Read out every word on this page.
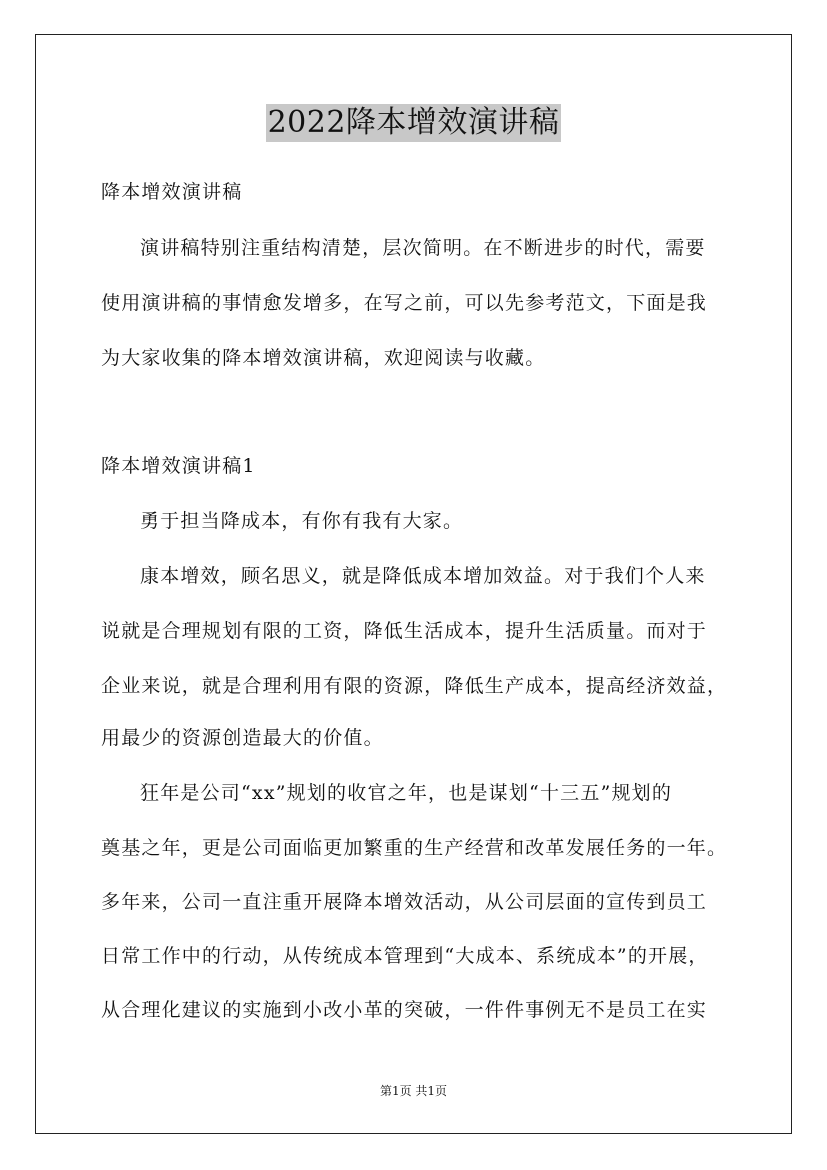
2022降本增效演讲稿
降本增效演讲稿
演讲稿特别注重结构清楚，层次简明。在不断进步的时代，需要
使用演讲稿的事情愈发增多，在写之前，可以先参考范文，下面是我
为大家收集的降本增效演讲稿，欢迎阅读与收藏。
降本增效演讲稿1
勇于担当降成本，有你有我有大家。
康本增效，顾名思义，就是降低成本增加效益。对于我们个人来
说就是合理规划有限的工资，降低生活成本，提升生活质量。而对于
企业来说，就是合理利用有限的资源，降低生产成本，提高经济效益，
用最少的资源创造最大的价值。
狂年是公司“xx”规划的收官之年，也是谋划“十三五”规划的
奠基之年，更是公司面临更加繁重的生产经营和改革发展任务的一年。
多年来，公司一直注重开展降本增效活动，从公司层面的宣传到员工
日常工作中的行动，从传统成本管理到“大成本、系统成本”的开展，
从合理化建议的实施到小改小革的突破，一件件事例无不是员工在实
第1页 共1页
